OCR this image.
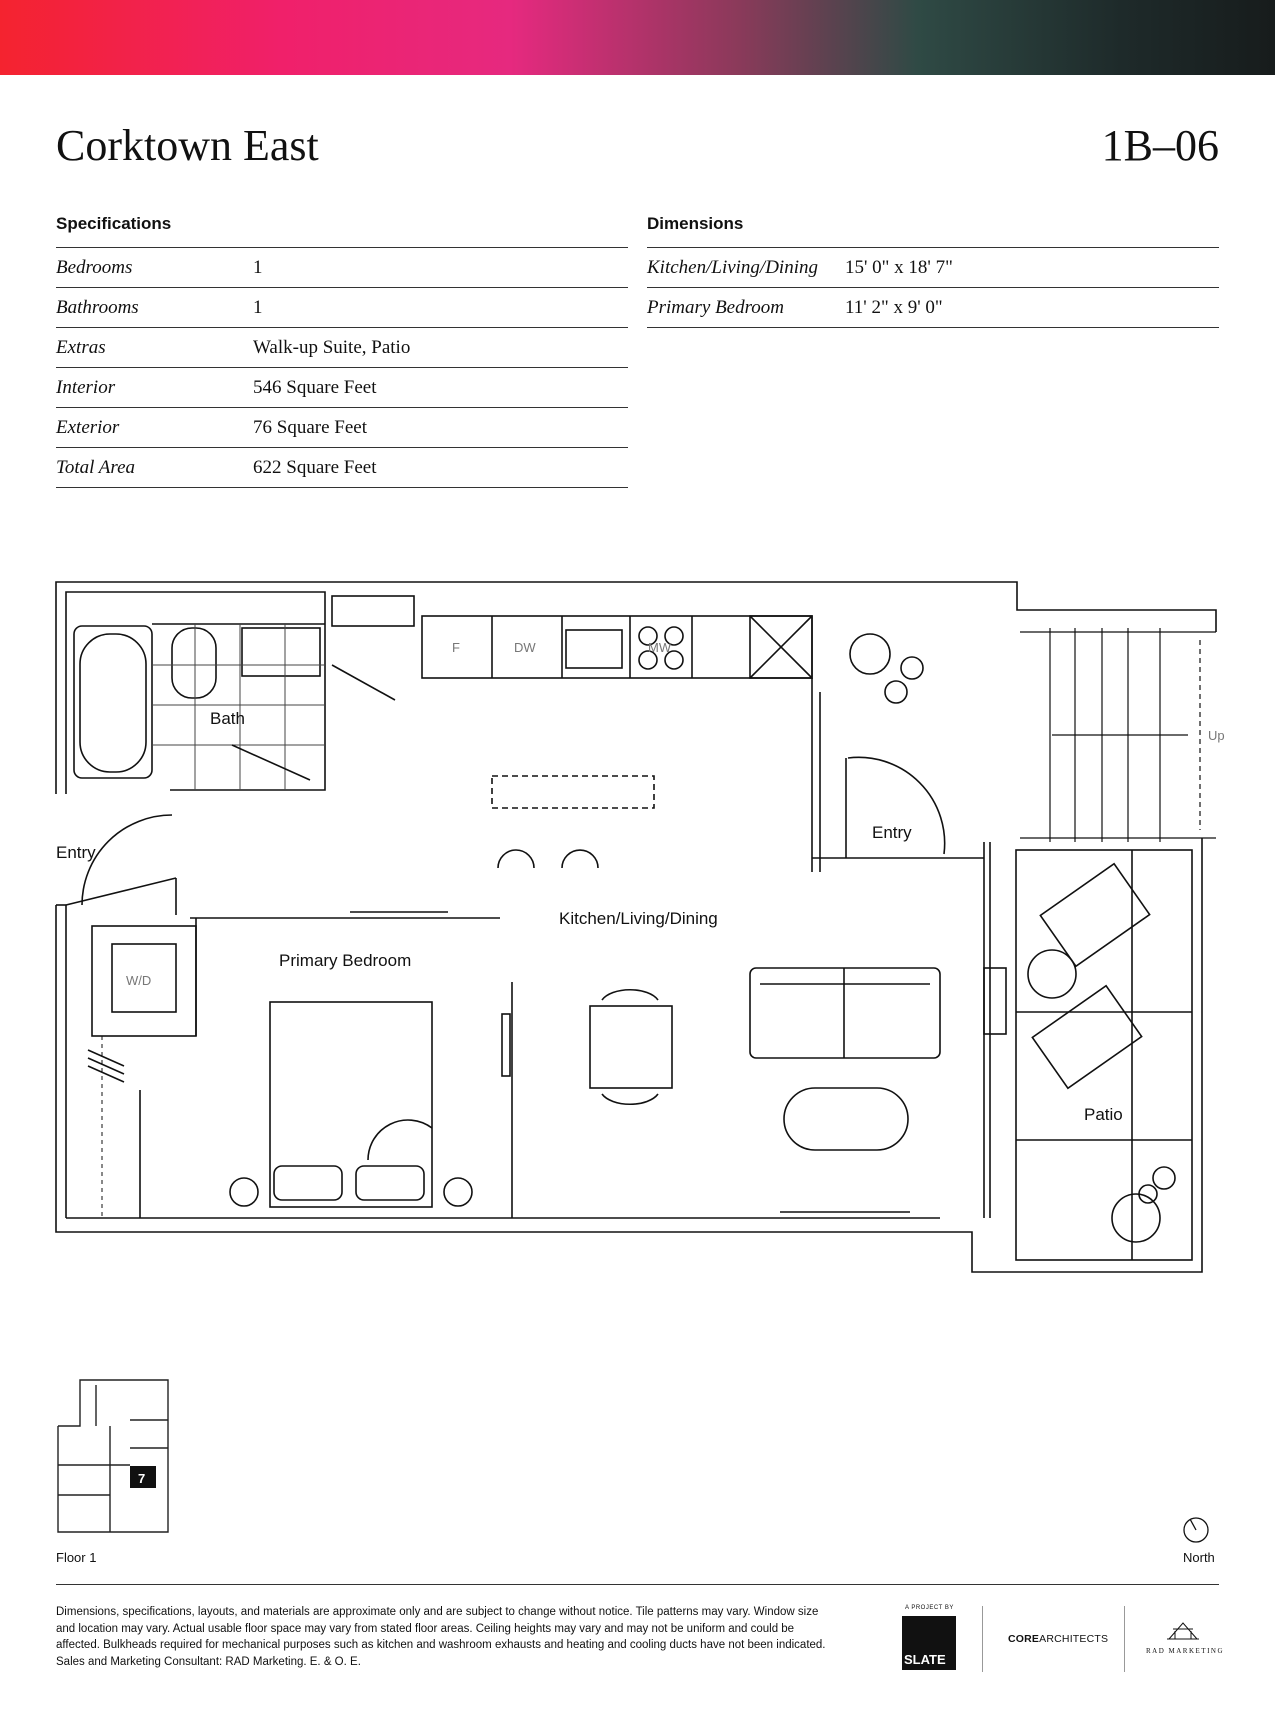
Corktown East	1B–06
Specifications
Bedrooms	1
Bathrooms	1
Extras	Walk-up Suite, Patio
Interior	546 Square Feet
Exterior	76 Square Feet
Total Area	622 Square Feet
Dimensions
Kitchen/Living/Dining	15' 0" x 18' 7"
Primary Bedroom	11' 2" x 9' 0"
Bath
Entry
Entry
Kitchen/Living/Dining
Primary Bedroom
Patio
F	DW	MW
W/D
Up
7
Floor 1	North
Dimensions, specifications, layouts, and materials are approximate only and are subject to change without notice. Tile patterns may vary. Window size and location may vary. Actual usable floor space may vary from stated floor areas. Ceiling heights may vary and may not be uniform and could be affected. Bulkheads required for mechanical purposes such as kitchen and washroom exhausts and heating and cooling ducts have not been indicated. Sales and Marketing Consultant: RAD Marketing. E. & O. E.
A PROJECT BY
SLATE
COREARCHITECTS
RAD MARKETING
